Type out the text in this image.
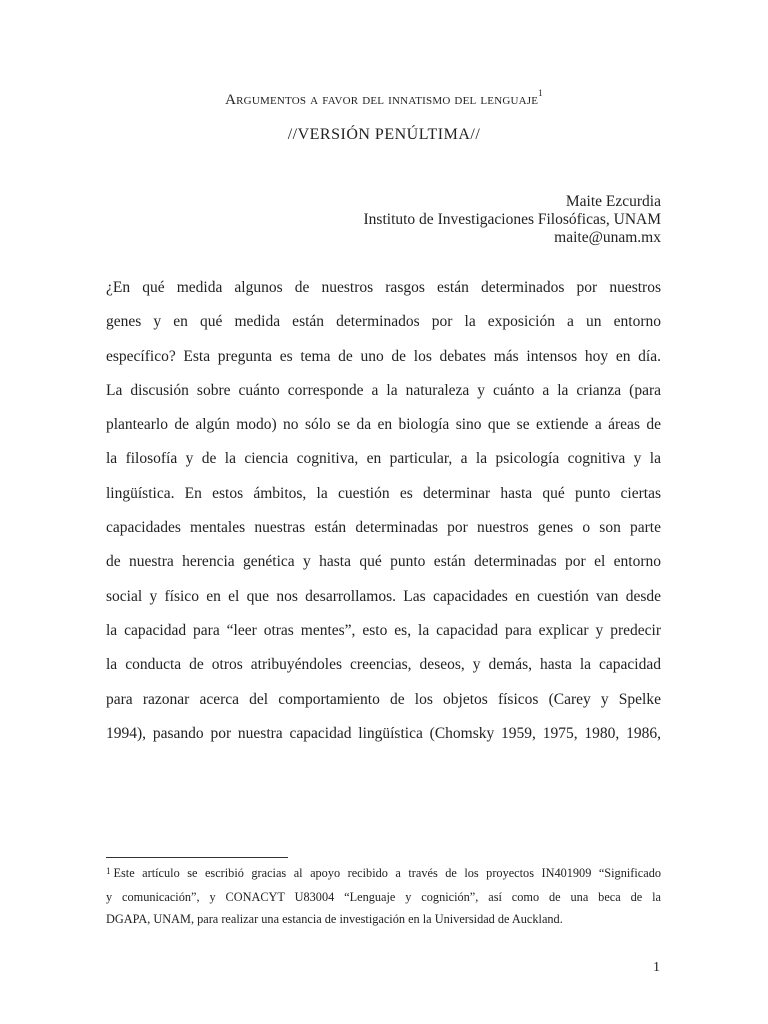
Argumentos a favor del innatismo del lenguaje$^1$
//VERSIÓN PENÚLTIMA//
Maite Ezcurdia
Instituto de Investigaciones Filosóficas, UNAM
maite@unam.mx
¿En qué medida algunos de nuestros rasgos están determinados por nuestros
genes y en qué medida están determinados por la exposición a un entorno
específico? Esta pregunta es tema de uno de los debates más intensos hoy en día.
La discusión sobre cuánto corresponde a la naturaleza y cuánto a la crianza (para
plantearlo de algún modo) no sólo se da en biología sino que se extiende a áreas de
la filosofía y de la ciencia cognitiva, en particular, a la psicología cognitiva y la
lingüística. En estos ámbitos, la cuestión es determinar hasta qué punto ciertas
capacidades mentales nuestras están determinadas por nuestros genes o son parte
de nuestra herencia genética y hasta qué punto están determinadas por el entorno
social y físico en el que nos desarrollamos. Las capacidades en cuestión van desde
la capacidad para “leer otras mentes”, esto es, la capacidad para explicar y predecir
la conducta de otros atribuyéndoles creencias, deseos, y demás, hasta la capacidad
para razonar acerca del comportamiento de los objetos físicos (Carey y Spelke
1994), pasando por nuestra capacidad lingüística (Chomsky 1959, 1975, 1980, 1986,
$^1$ Este artículo se escribió gracias al apoyo recibido a través de los proyectos IN401909 “Significado
y comunicación”, y CONACYT U83004 “Lenguaje y cognición”, así como de una beca de la
DGAPA, UNAM, para realizar una estancia de investigación en la Universidad de Auckland.
1
